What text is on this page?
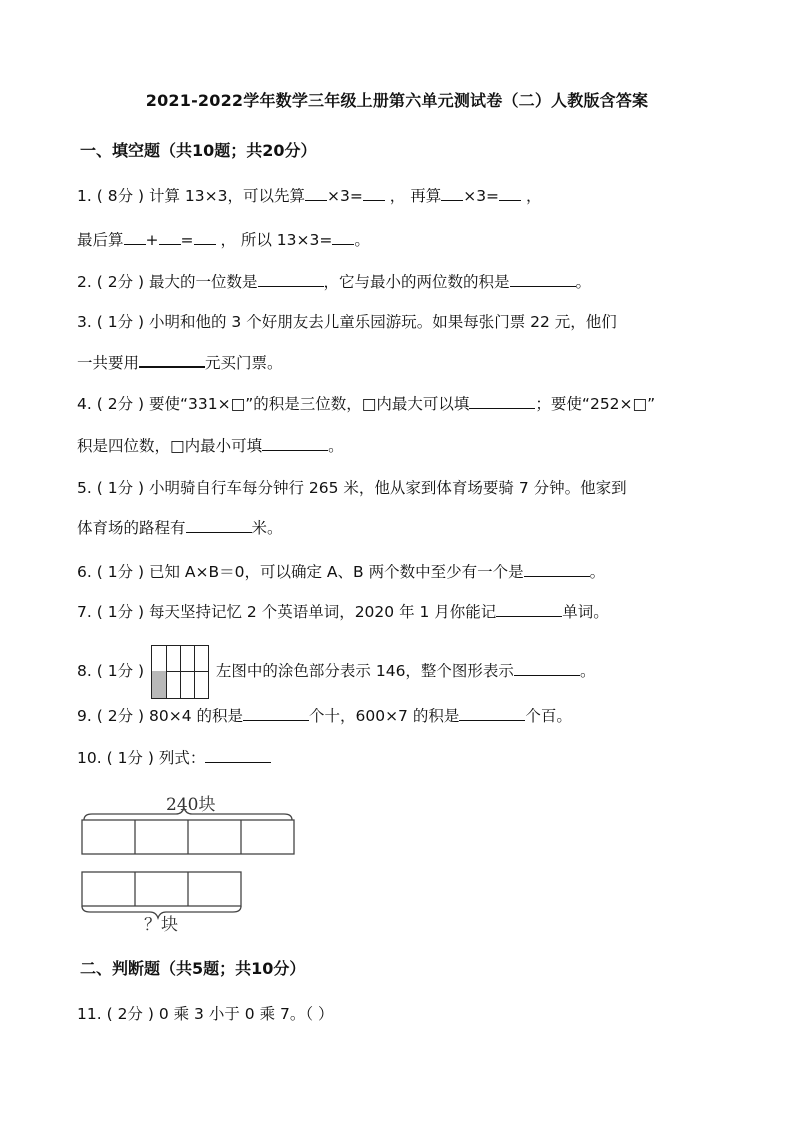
2021-2022学年数学三年级上册第六单元测试卷（二）人教版含答案
一、填空题（共10题；共20分）
1. ( 8分 ) 计算 13×3，可以先算 ×3= ， 再算 ×3= ，
最后算 + = ， 所以 13×3= 。
2. ( 2分 ) 最大的一位数是	，它与最小的两位数的积是	。
3. ( 1分 ) 小明和他的 3 个好朋友去儿童乐园游玩。如果每张门票 22 元，他们
一共要用	元买门票。
4. ( 2分 ) 要使“331×□”的积是三位数，□内最大可以填	；要使“252×□”
积是四位数，□内最小可填	。
5. ( 1分 ) 小明骑自行车每分钟行 265 米，他从家到体育场要骑 7 分钟。他家到
体育场的路程有	米。
6. ( 1分 ) 已知 A×B＝0，可以确定 A、B 两个数中至少有一个是	。
7. ( 1分 ) 每天坚持记忆 2 个英语单词，2020 年 1 月你能记	单词。
8. ( 1分 )	左图中的涂色部分表示 146，整个图形表示	。
9. ( 2分 ) 80×4 的积是	个十，600×7 的积是	个百。
10. ( 1分 ) 列式：
240块
？块
二、判断题（共5题；共10分）
11. ( 2分 ) 0 乘 3 小于 0 乘 7。（ ）
